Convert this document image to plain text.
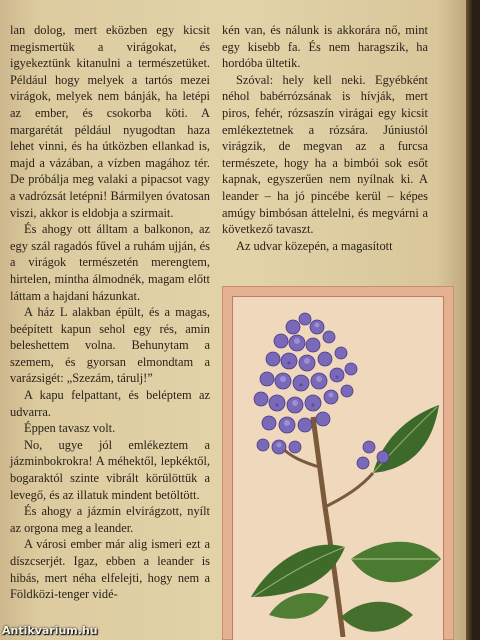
lan dolog, mert eközben egy kicsit megismertük a virágokat, és igyekeztünk kitanulni a természetüket. Például hogy melyek a tartós mezei virágok, melyek nem bánják, ha letépi az ember, és csokorba köti. A margarétát például nyugodtan haza lehet vinni, és ha útközben ellankad is, majd a vázában, a vízben magához tér. De próbálja meg valaki a pipacsot vagy a vadrózsát letépni! Bármilyen óvatosan viszi, akkor is eldobja a szirmait.

És ahogy ott álltam a balkonon, az egy szál ragadós fűvel a ruhám ujján, és a virágok természetén merengtem, hirtelen, mintha álmodnék, magam előtt láttam a hajdani házunkat.

A ház L alakban épült, és a magas, beépített kapun sehol egy rés, amin beleshettem volna. Behunytam a szemem, és gyorsan elmondtam a varázsigét: „Szezám, tárulj!”

A kapu felpattant, és beléptem az udvarra.

Éppen tavasz volt.

No, ugye jól emlékeztem a jázminbokrokra! A méhektől, lepkéktől, bogaraktól szinte vibrált körülöttük a levegő, és az illatuk mindent betöltött.

És ahogy a jázmin elvirágzott, nyílt az orgona meg a leander.

A városi ember már alig ismeri ezt a díszcserjét. Igaz, ebben a leander is hibás, mert néha elfelejti, hogy nem a Földközi-tenger vidé-

kén van, és nálunk is akkorára nő, mint egy kisebb fa. És nem haragszik, ha hordóba ültetik.

Szóval: hely kell neki. Egyébként néhol babérrózsának is hívják, mert piros, fehér, rózsaszín virágai egy kicsit emlékeztetnek a rózsára. Júniustól virágzik, de megvan az a furcsa természete, hogy ha a bimbói sok esőt kapnak, egyszerűen nem nyílnak ki. A leander – ha jó pincébe kerül – képes amúgy bimbósan áttelelni, és megvárni a következő tavaszt.

Az udvar közepén, a magasított

Antikvarium.hu
